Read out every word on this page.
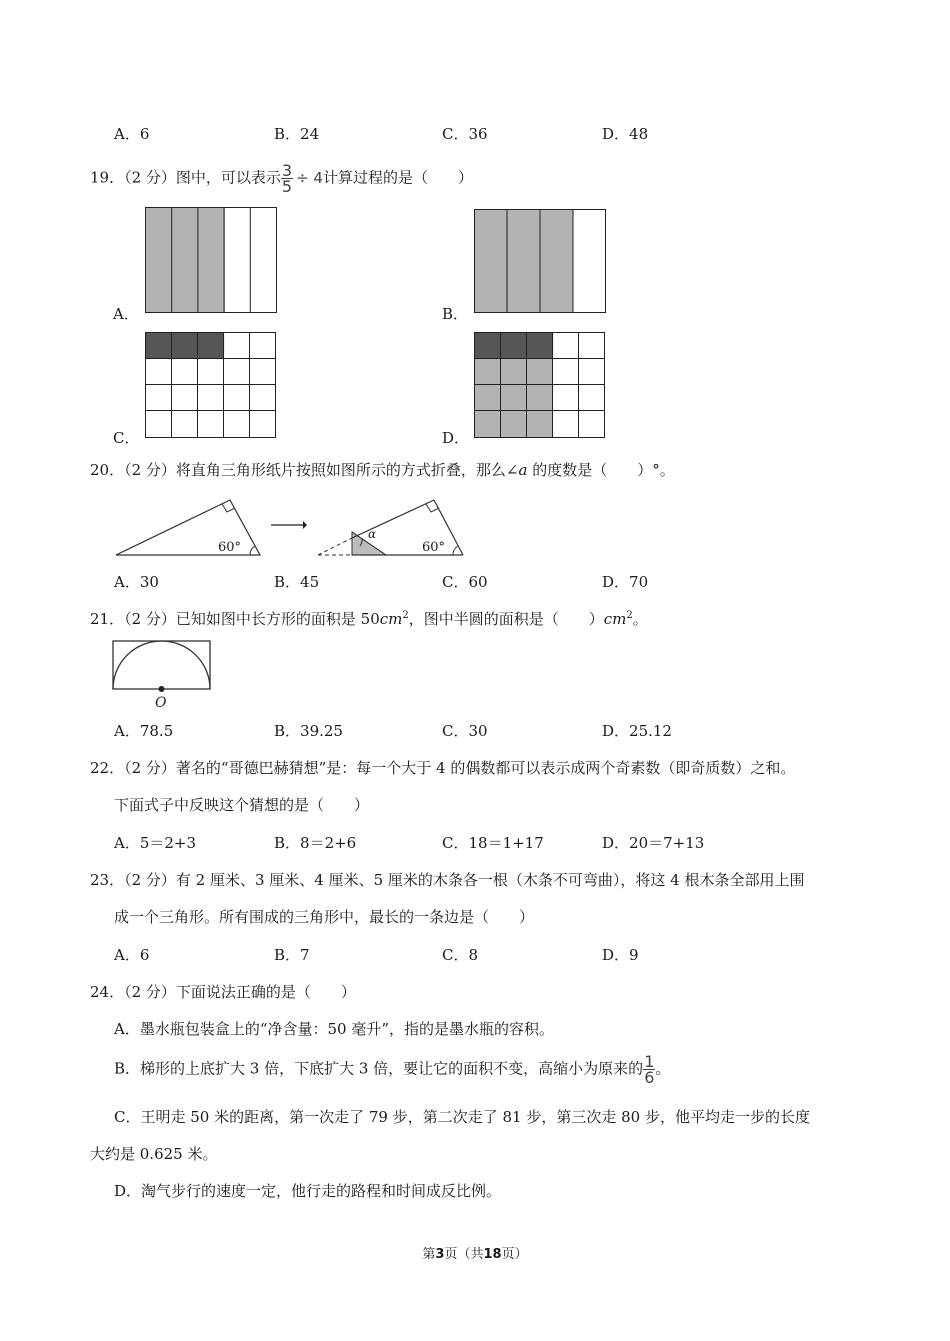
A．6	B．24	C．36	D．48
19．（2 分）图中，可以表示 $\frac{3}{5} \div 4$计算过程的是（　　）
A．	B．
C．	D．
20．（2 分）将直角三角形纸片按照如图所示的方式折叠，那么∠a 的度数是（　　）°。
60°
α
60°
A．30	B．45	C．60	D．70
21．（2 分）已知如图中长方形的面积是 $50cm^2$，图中半圆的面积是（　　）$cm^2$。
O
A．78.5	B．39.25	C．30	D．25.12
22．（2 分）著名的“哥德巴赫猜想”是：每一个大于 4 的偶数都可以表示成两个奇素数（即奇质数）之和。
下面式子中反映这个猜想的是（　　）
A．5＝2+3	B．8＝2+6	C．18＝1+17	D．20＝7+13
23．（2 分）有 2 厘米、3 厘米、4 厘米、5 厘米的木条各一根（木条不可弯曲），将这 4 根木条全部用上围
成一个三角形。所有围成的三角形中，最长的一条边是（　　）
A．6	B．7	C．8	D．9
24．（2 分）下面说法正确的是（　　）
A．墨水瓶包装盒上的“净含量：50 毫升”，指的是墨水瓶的容积。
B．梯形的上底扩大 3 倍，下底扩大 3 倍，要让它的面积不变，高缩小为原来的 $\frac{1}{6}$ 。
C．王明走 50 米的距离，第一次走了 79 步，第二次走了 81 步，第三次走 80 步，他平均走一步的长度
大约是 0.625 米。
D．淘气步行的速度一定，他行走的路程和时间成反比例。
第3页（共18页）
